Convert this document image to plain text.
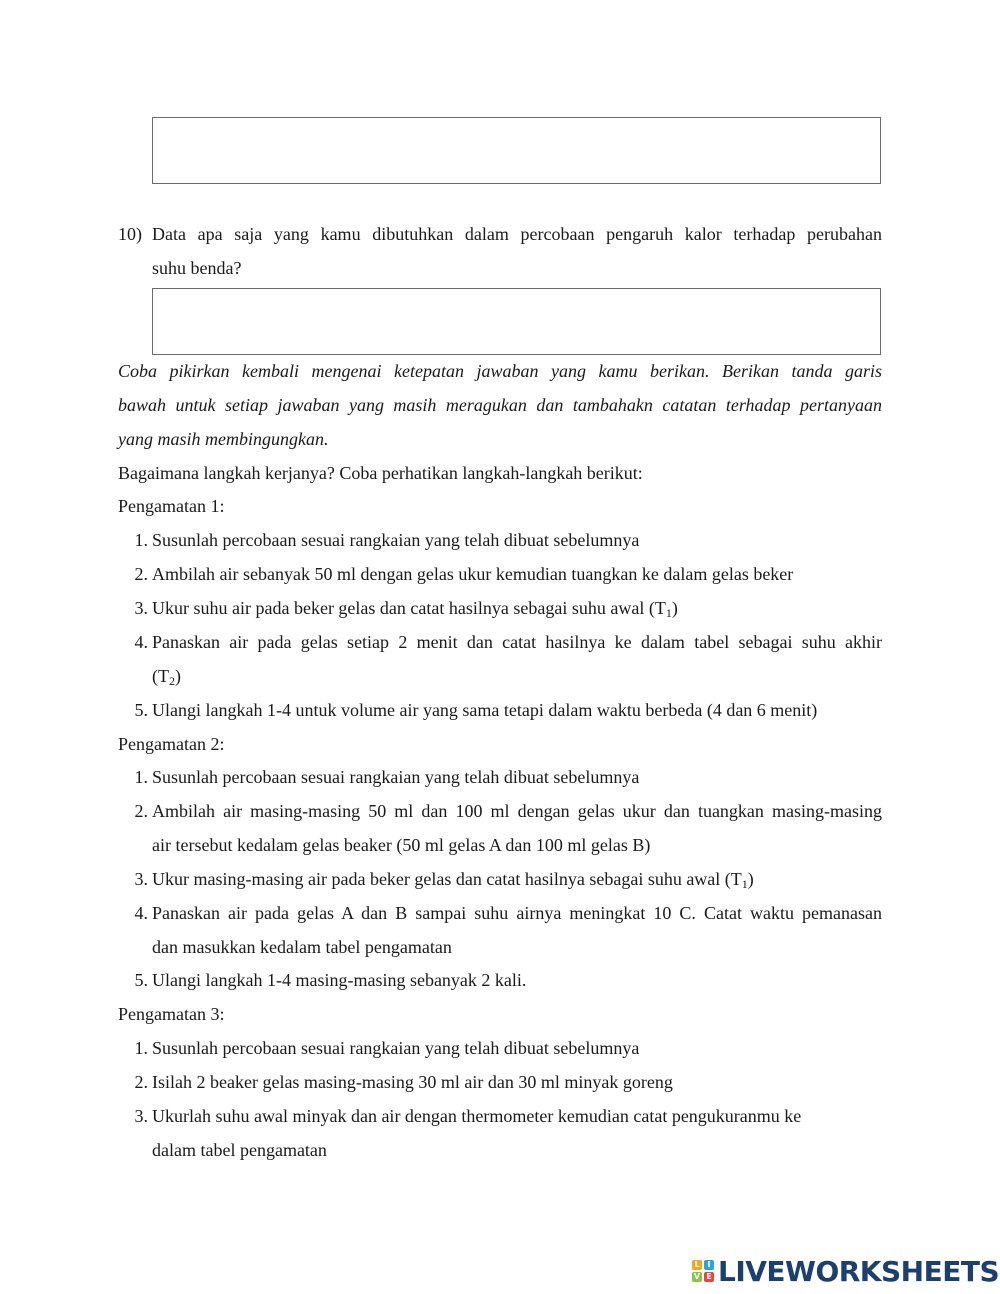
10) Data apa saja yang kamu dibutuhkan dalam percobaan pengaruh kalor terhadap perubahan
suhu benda?
Coba pikirkan kembali mengenai ketepatan jawaban yang kamu berikan. Berikan tanda garis
bawah untuk setiap jawaban yang masih meragukan dan tambahakn catatan terhadap pertanyaan
yang masih membingungkan.
Bagaimana langkah kerjanya? Coba perhatikan langkah-langkah berikut:
Pengamatan 1:
1. Susunlah percobaan sesuai rangkaian yang telah dibuat sebelumnya
2. Ambilah air sebanyak 50 ml dengan gelas ukur kemudian tuangkan ke dalam gelas beker
3. Ukur suhu air pada beker gelas dan catat hasilnya sebagai suhu awal $(T_1)$
4. Panaskan air pada gelas setiap 2 menit dan catat hasilnya ke dalam tabel sebagai suhu akhir
$(T_2)$
5. Ulangi langkah 1-4 untuk volume air yang sama tetapi dalam waktu berbeda (4 dan 6 menit)
Pengamatan 2:
1. Susunlah percobaan sesuai rangkaian yang telah dibuat sebelumnya
2. Ambilah air masing-masing 50 ml dan 100 ml dengan gelas ukur dan tuangkan masing-masing
air tersebut kedalam gelas beaker (50 ml gelas A dan 100 ml gelas B)
3. Ukur masing-masing air pada beker gelas dan catat hasilnya sebagai suhu awal $(T_1)$
4. Panaskan air pada gelas A dan B sampai suhu airnya meningkat 10 C. Catat waktu pemanasan
dan masukkan kedalam tabel pengamatan
5. Ulangi langkah 1-4 masing-masing sebanyak 2 kali.
Pengamatan 3:
1. Susunlah percobaan sesuai rangkaian yang telah dibuat sebelumnya
2. Isilah 2 beaker gelas masing-masing 30 ml air dan 30 ml minyak goreng
3. Ukurlah suhu awal minyak dan air dengan thermometer kemudian catat pengukuranmu ke
dalam tabel pengamatan
L I
V E LIVEWORKSHEETS
